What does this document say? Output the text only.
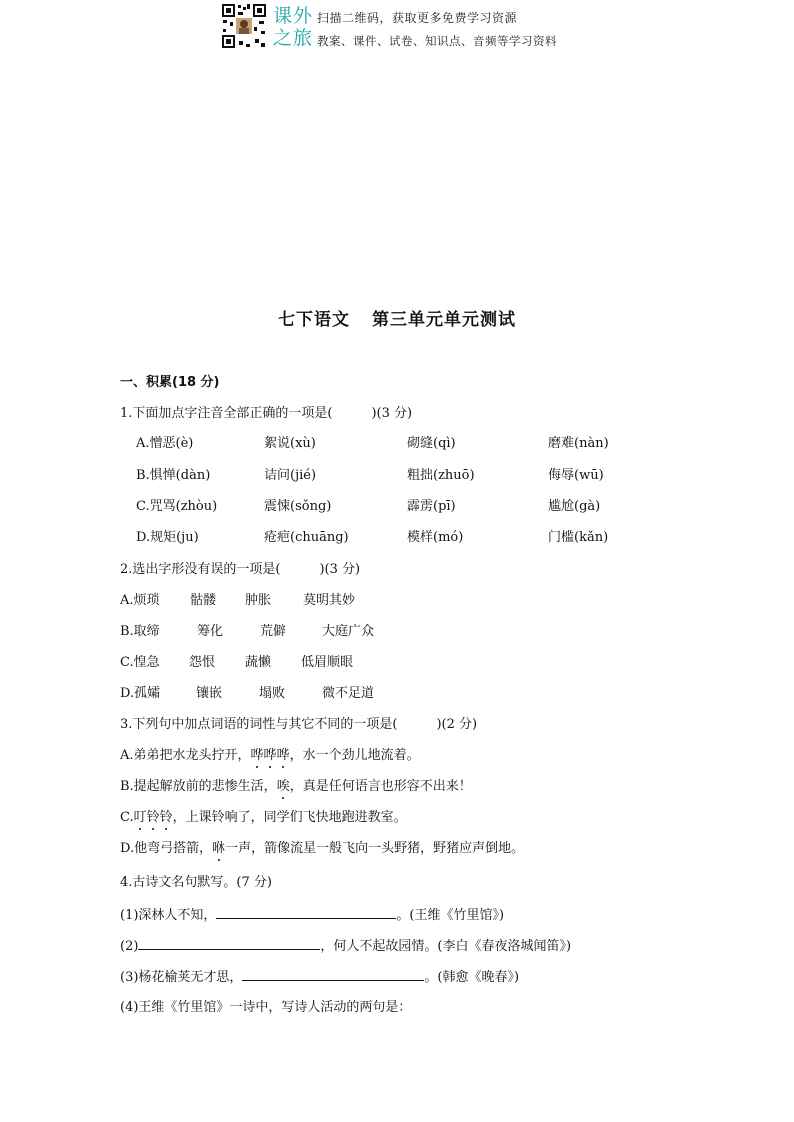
课外
之旅
扫描二维码，获取更多免费学习资源
教案、课件、试卷、知识点、音频等学习资料
七下语文 第三单元单元测试
一、积累(18 分)
1.下面加点字注音全部正确的一项是(　　　)(3 分)
A.憎恶(è)	絮说(xù)	砌缝(qì)	磨难(nàn)
B.惧惮(dàn)	诘问(jié)	粗拙(zhuō)	侮辱(wū)
C.咒骂(zhòu)	震悚(sǒng)	霹雳(pī)	尴尬(gà)
D.规矩(ju)	疮疤(chuāng)	模样(mó)	门槛(kǎn)
2.选出字形没有误的一项是(　　　)(3 分)
A.烦琐 骷髅 肿胀 莫明其妙
B.取缔	筹化	荒僻	大庭广众
C.惶急 怨恨 蔬懒 低眉顺眼
D.孤孀	镶嵌	塌败	微不足道
3.下列句中加点词语的词性与其它不同的一项是(　　　)(2 分)
A.弟弟把水龙头拧开，哗哗哗，水一个劲儿地流着。
B.提起解放前的悲惨生活，唉，真是任何语言也形容不出来！
C.叮铃铃，上课铃响了，同学们飞快地跑进教室。
D.他弯弓搭箭，咻一声，箭像流星一般飞向一头野猪，野猪应声倒地。
4.古诗文名句默写。(7 分)
(1)深林人不知，	。(王维《竹里馆》)
(2)	，何人不起故园情。(李白《春夜洛城闻笛》)
(3)杨花榆荚无才思，	。(韩愈《晚春》)
(4)王维《竹里馆》一诗中，写诗人活动的两句是：
